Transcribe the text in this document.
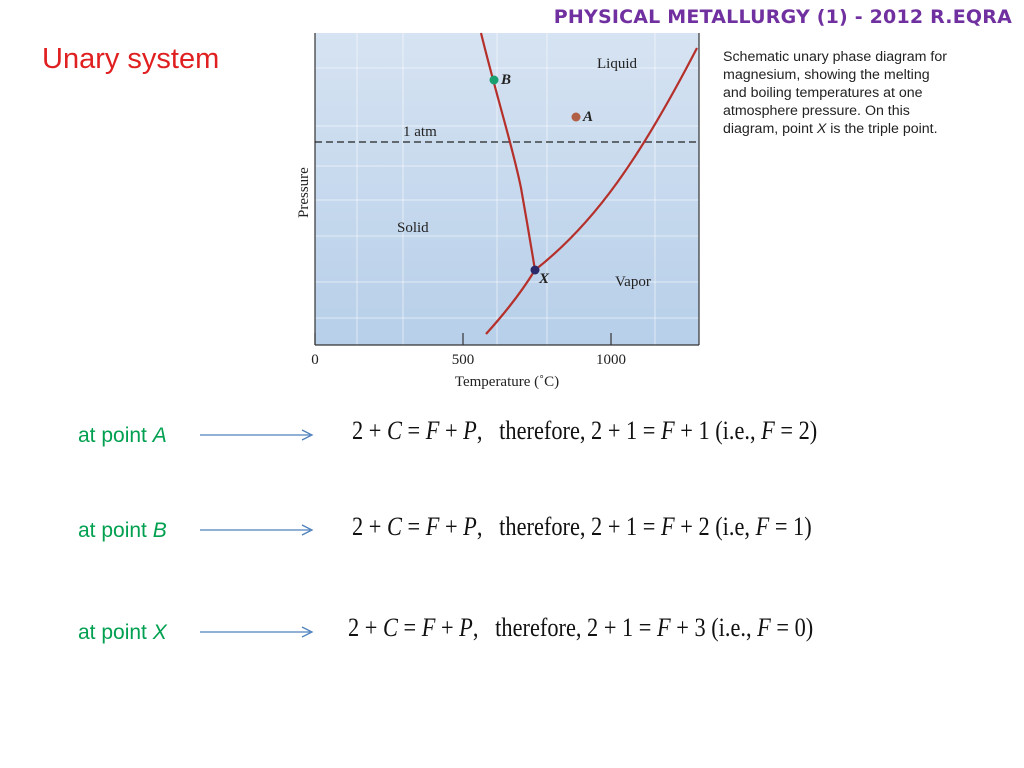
PHYSICAL METALLURGY (1) - 2012 R.EQRA
Unary system	Liquid
Solid
Vapor
1 atm
B
A
X
Pressure
0	500	1000
Temperature (˚C)
Schematic unary phase diagram for
magnesium, showing the melting
and boiling temperatures at one
atmosphere pressure. On this
diagram, point X is the triple point.
at point A	2 + C = F + P,   therefore, 2 + 1 = F + 1 (i.e., F = 2)
at point B	2 + C = F + P,   therefore, 2 + 1 = F + 2 (i.e, F = 1)
at point X	2 + C = F + P,   therefore, 2 + 1 = F + 3 (i.e., F = 0)
